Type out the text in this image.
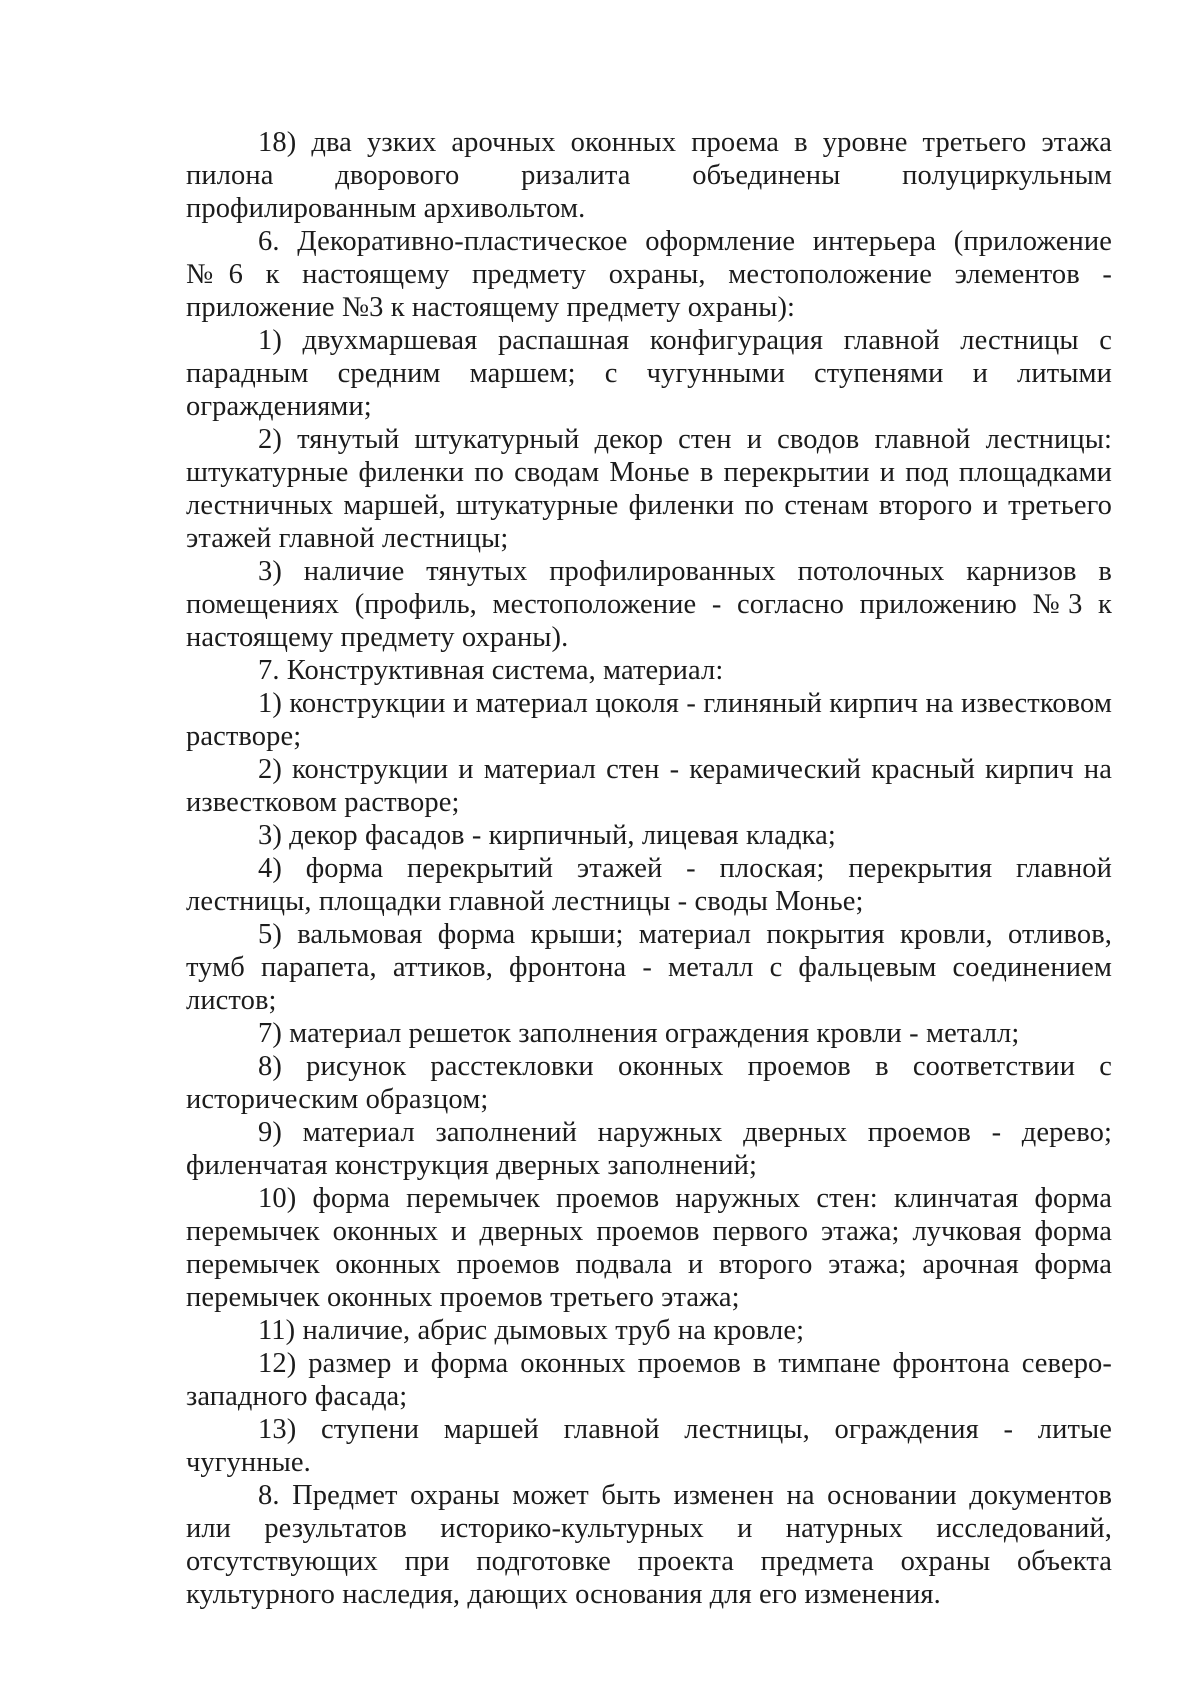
18) два узких арочных оконных проема в уровне третьего этажа пилона дворового ризалита объединены полуциркульным профилированным архивольтом.

6. Декоративно-пластическое оформление интерьера (приложение №6 к настоящему предмету охраны, местоположение элементов - приложение №3 к настоящему предмету охраны):

1) двухмаршевая распашная конфигурация главной лестницы с парадным средним маршем; с чугунными ступенями и литыми ограждениями;

2) тянутый штукатурный декор стен и сводов главной лестницы: штукатурные филенки по сводам Монье в перекрытии и под площадками лестничных маршей, штукатурные филенки по стенам второго и третьего этажей главной лестницы;

3) наличие тянутых профилированных потолочных карнизов в помещениях (профиль, местоположение - согласно приложению №3 к настоящему предмету охраны).

7. Конструктивная система, материал:

1) конструкции и материал цоколя - глиняный кирпич на известковом растворе;

2) конструкции и материал стен - керамический красный кирпич на известковом растворе;

3) декор фасадов - кирпичный, лицевая кладка;

4) форма перекрытий этажей - плоская; перекрытия главной лестницы, площадки главной лестницы - своды Монье;

5) вальмовая форма крыши; материал покрытия кровли, отливов, тумб парапета, аттиков, фронтона - металл с фальцевым соединением листов;

7) материал решеток заполнения ограждения кровли - металл;

8) рисунок расстекловки оконных проемов в соответствии с историческим образцом;

9) материал заполнений наружных дверных проемов - дерево; филенчатая конструкция дверных заполнений;

10) форма перемычек проемов наружных стен: клинчатая форма перемычек оконных и дверных проемов первого этажа; лучковая форма перемычек оконных проемов подвала и второго этажа; арочная форма перемычек оконных проемов третьего этажа;

11) наличие, абрис дымовых труб на кровле;

12) размер и форма оконных проемов в тимпане фронтона северо-западного фасада;

13) ступени маршей главной лестницы, ограждения - литые чугунные.

8. Предмет охраны может быть изменен на основании документов или результатов историко-культурных и натурных исследований, отсутствующих при подготовке проекта предмета охраны объекта культурного наследия, дающих основания для его изменения.
